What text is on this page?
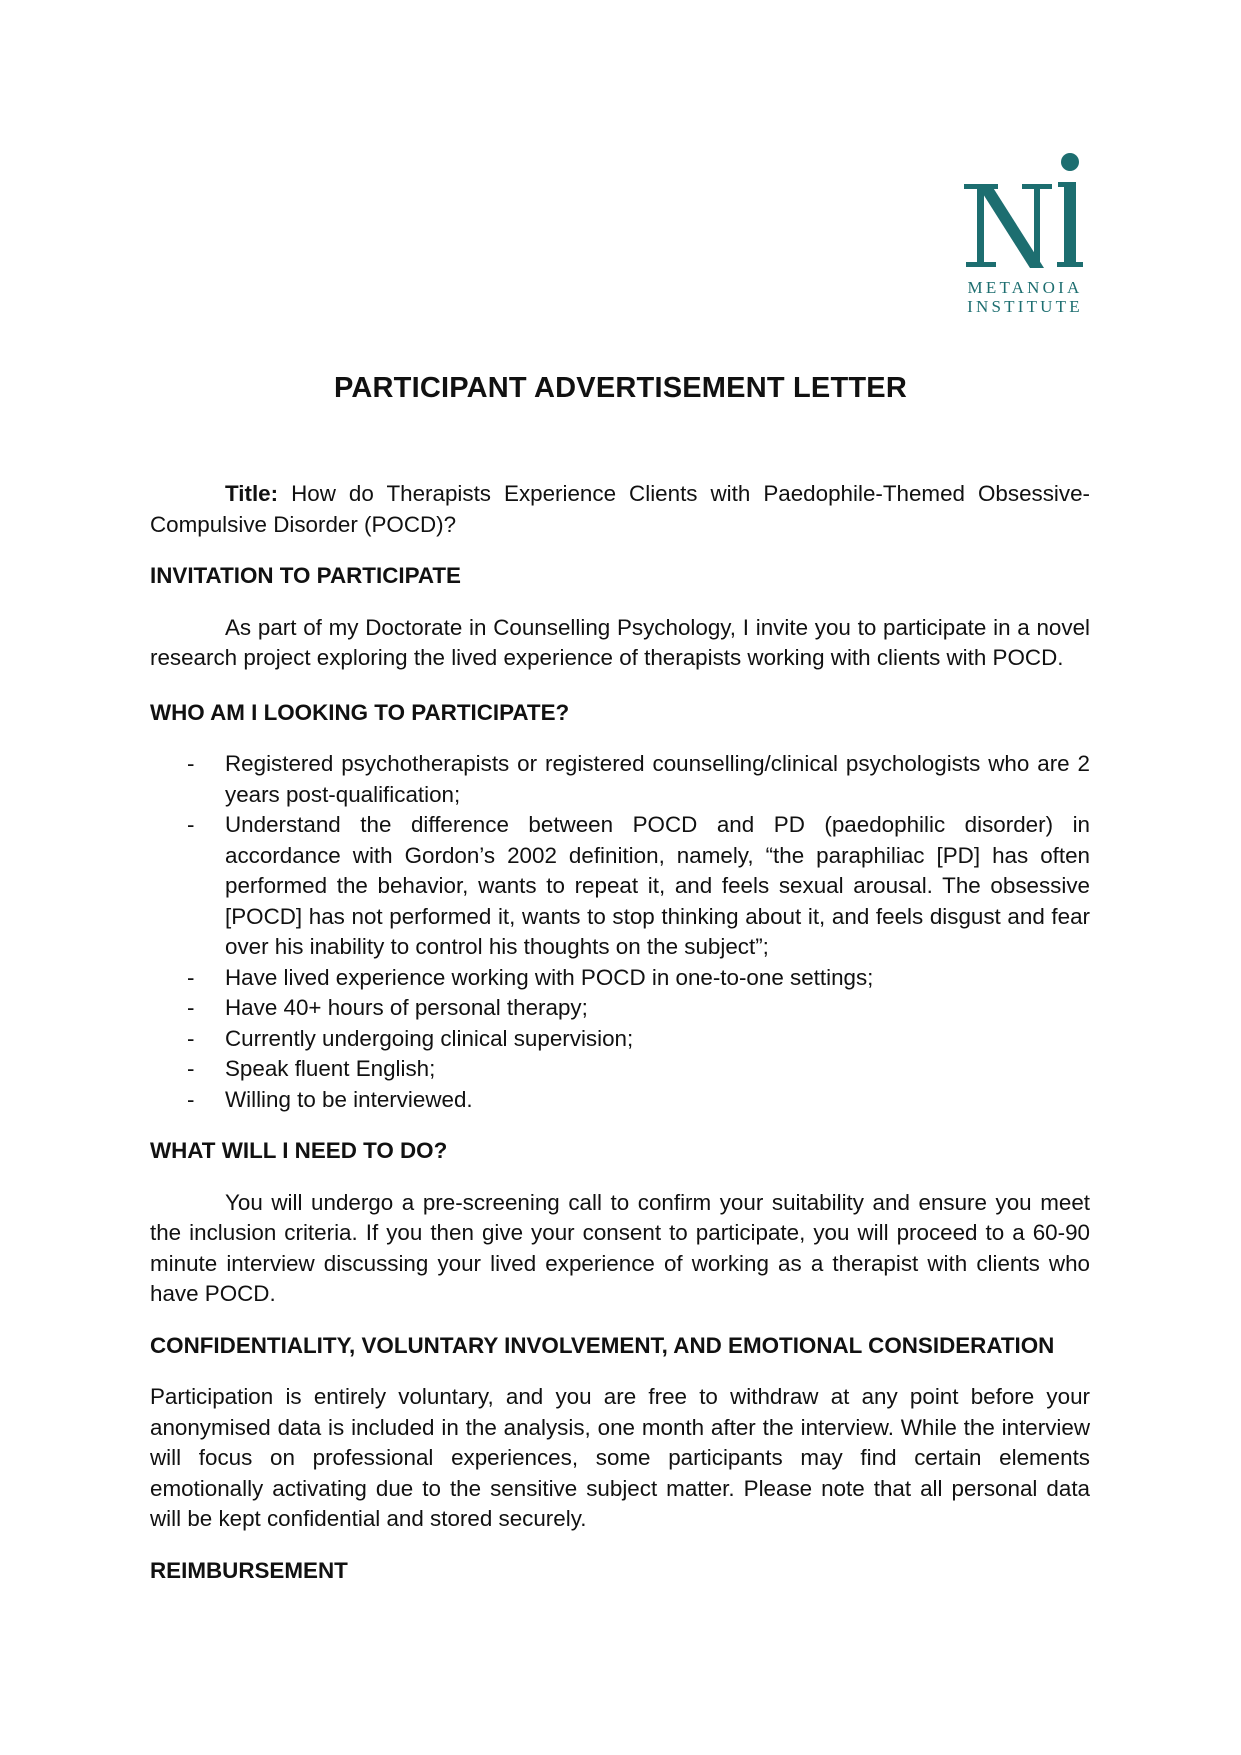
METANOIA
INSTITUTE
PARTICIPANT ADVERTISEMENT LETTER

Title: How do Therapists Experience Clients with Paedophile-Themed Obsessive-Compulsive Disorder (POCD)?

INVITATION TO PARTICIPATE

As part of my Doctorate in Counselling Psychology, I invite you to participate in a novel research project exploring the lived experience of therapists working with clients with POCD.

WHO AM I LOOKING TO PARTICIPATE?
- Registered psychotherapists or registered counselling/clinical psychologists who are 2 years post-qualification;
- Understand the difference between POCD and PD (paedophilic disorder) in accordance with Gordon’s 2002 definition, namely, “the paraphiliac [PD] has often performed the behavior, wants to repeat it, and feels sexual arousal. The obsessive [POCD] has not performed it, wants to stop thinking about it, and feels disgust and fear over his inability to control his thoughts on the subject”;
- Have lived experience working with POCD in one-to-one settings;
- Have 40+ hours of personal therapy;
- Currently undergoing clinical supervision;
- Speak fluent English;
- Willing to be interviewed.
WHAT WILL I NEED TO DO?

You will undergo a pre-screening call to confirm your suitability and ensure you meet the inclusion criteria. If you then give your consent to participate, you will proceed to a 60-90 minute interview discussing your lived experience of working as a therapist with clients who have POCD.

CONFIDENTIALITY, VOLUNTARY INVOLVEMENT, AND EMOTIONAL CONSIDERATION

Participation is entirely voluntary, and you are free to withdraw at any point before your anonymised data is included in the analysis, one month after the interview. While the interview will focus on professional experiences, some participants may find certain elements emotionally activating due to the sensitive subject matter. Please note that all personal data will be kept confidential and stored securely.

REIMBURSEMENT
